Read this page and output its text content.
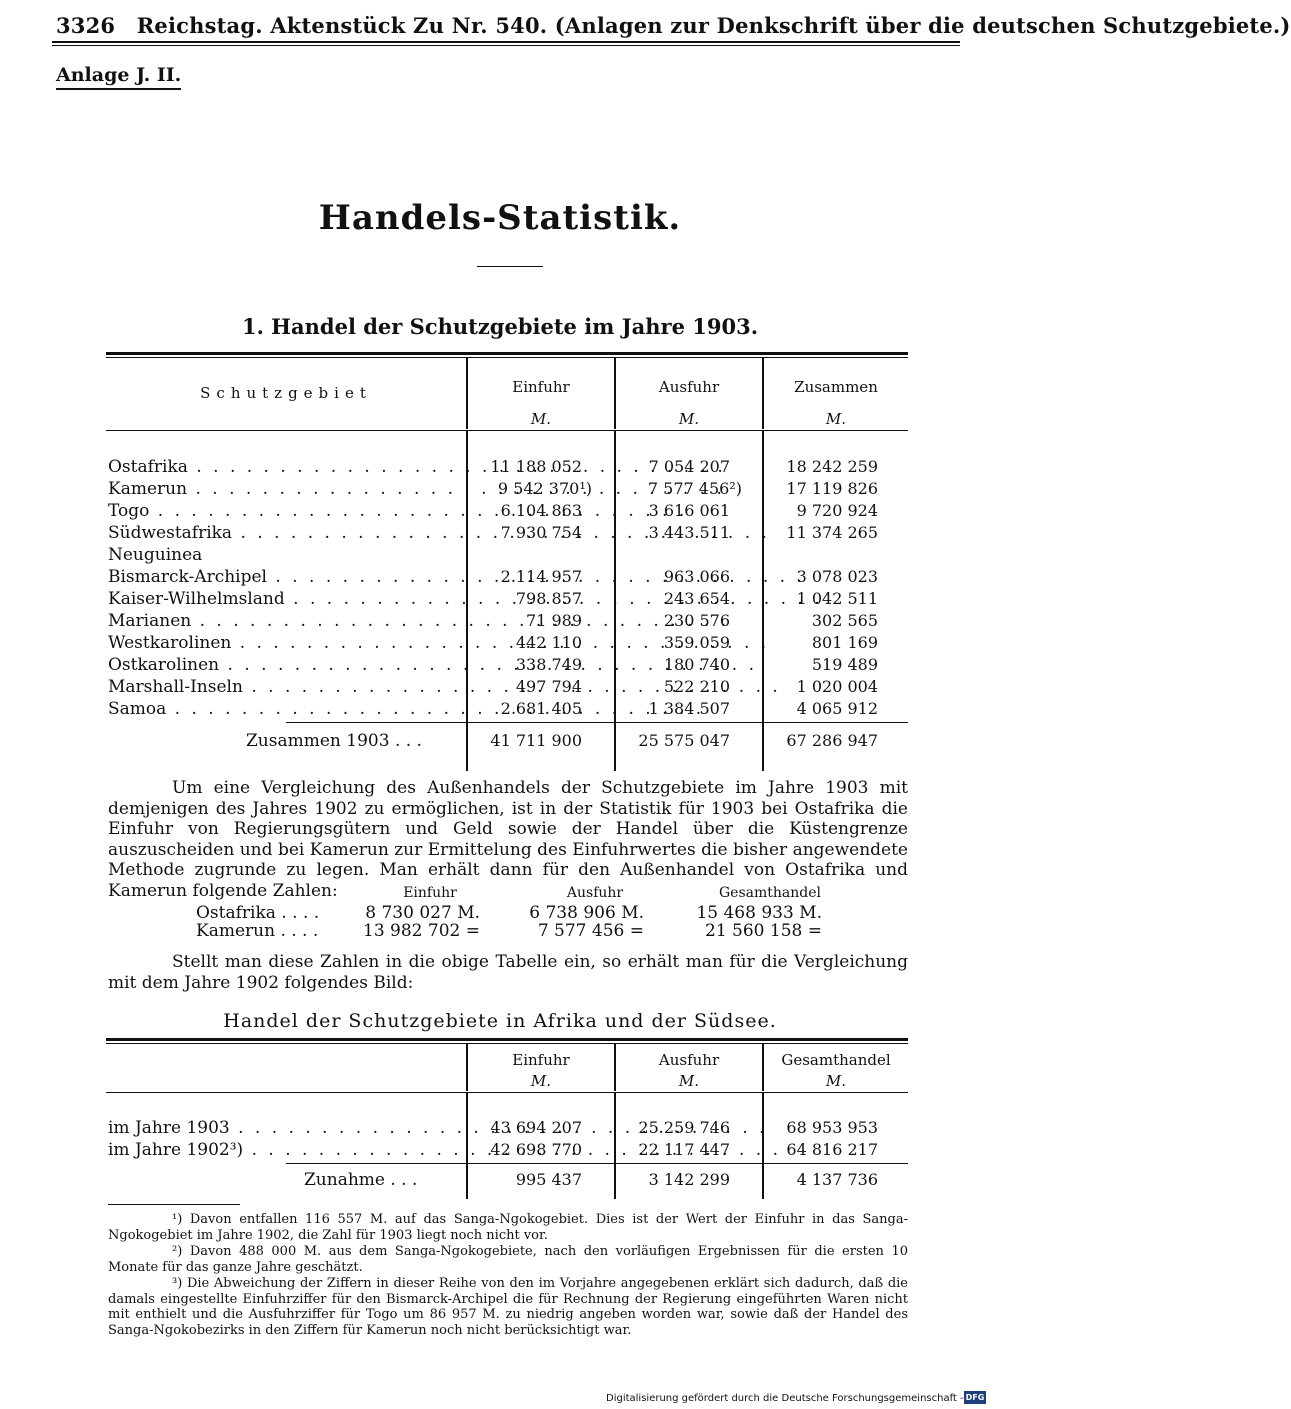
3326 Reichstag. Aktenstück Zu Nr. 540. (Anlagen zur Denkschrift über die deutschen Schutzgebiete.)
Anlage J. II.
Handels-Statistik.
1. Handel der Schutzgebiete im Jahre 1903.
Schutzgebiet	Einfuhr	Ausfuhr	Zusammen
M.	M.	M.
Ostafrika . . .	11 188 052	7 054 207	18 242 259
Kamerun . . .	9 542 370¹)	7 577 456²)	17 119 826
Togo . . .	6 104 863	3 616 061	9 720 924
Südwestafrika . . .	7 930 754	3 443 511	11 374 265
Neuguinea
Bismarck-Archipel . . .	2 114 957	963 066	3 078 023
Kaiser-Wilhelmsland . . .	798 857	243 654	1 042 511
Marianen . . .	71 989	230 576	302 565
Westkarolinen . . .	442 110	359 059	801 169
Ostkarolinen . . .	338 749	180 740	519 489
Marshall-Inseln . . .	497 794	522 210	1 020 004
Samoa . . .	2 681 405	1 384 507	4 065 912
Zusammen 1903 . . .	41 711 900	25 575 047	67 286 947

Um eine Vergleichung des Außenhandels der Schutzgebiete im Jahre 1903 mit demjenigen des Jahres 1902 zu ermöglichen, ist in der Statistik für 1903 bei Ostafrika die Einfuhr von Regierungsgütern und Geld sowie der Handel über die Küstengrenze auszuscheiden und bei Kamerun zur Ermittelung des Einfuhrwertes die bisher angewendete Methode zugrunde zu legen. Man erhält dann für den Außenhandel von Ostafrika und Kamerun folgende Zahlen:	Einfuhr	Ausfuhr	Gesamthandel
Ostafrika . . . .	8 730 027 M.	6 738 906 M.	15 468 933 M.
Kamerun . . . .	13 982 702 =	7 577 456 =	21 560 158 =

Stellt man diese Zahlen in die obige Tabelle ein, so erhält man für die Vergleichung mit dem Jahre 1902 folgendes Bild:

Handel der Schutzgebiete in Afrika und der Südsee.
Einfuhr	Ausfuhr	Gesamthandel
M.	M.	M.
im Jahre 1903 . . .	43 694 207	25 259 746	68 953 953
im Jahre 1902³) . . .	42 698 770	22 117 447	64 816 217
Zunahme . . .	995 437	3 142 299	4 137 736

¹) Davon entfallen 116 557 M. auf das Sanga-Ngokogebiet. Dies ist der Wert der Einfuhr in das Sanga-Ngokogebiet im Jahre 1902, die Zahl für 1903 liegt noch nicht vor.

²) Davon 488 000 M. aus dem Sanga-Ngokogebiete, nach den vorläufigen Ergebnissen für die ersten 10 Monate für das ganze Jahre geschätzt.

³) Die Abweichung der Ziffern in dieser Reihe von den im Vorjahre angegebenen erklärt sich dadurch, daß die damals eingestellte Einfuhrziffer für den Bismarck-Archipel die für Rechnung der Regierung eingeführten Waren nicht mit enthielt und die Ausfuhrziffer für Togo um 86 957 M. zu niedrig angeben worden war, sowie daß der Handel des Sanga-Ngokobezirks in den Ziffern für Kamerun noch nicht berücksichtigt war.

Digitalisierung gefördert durch die Deutsche Forschungsgemeinschaft - DFG
